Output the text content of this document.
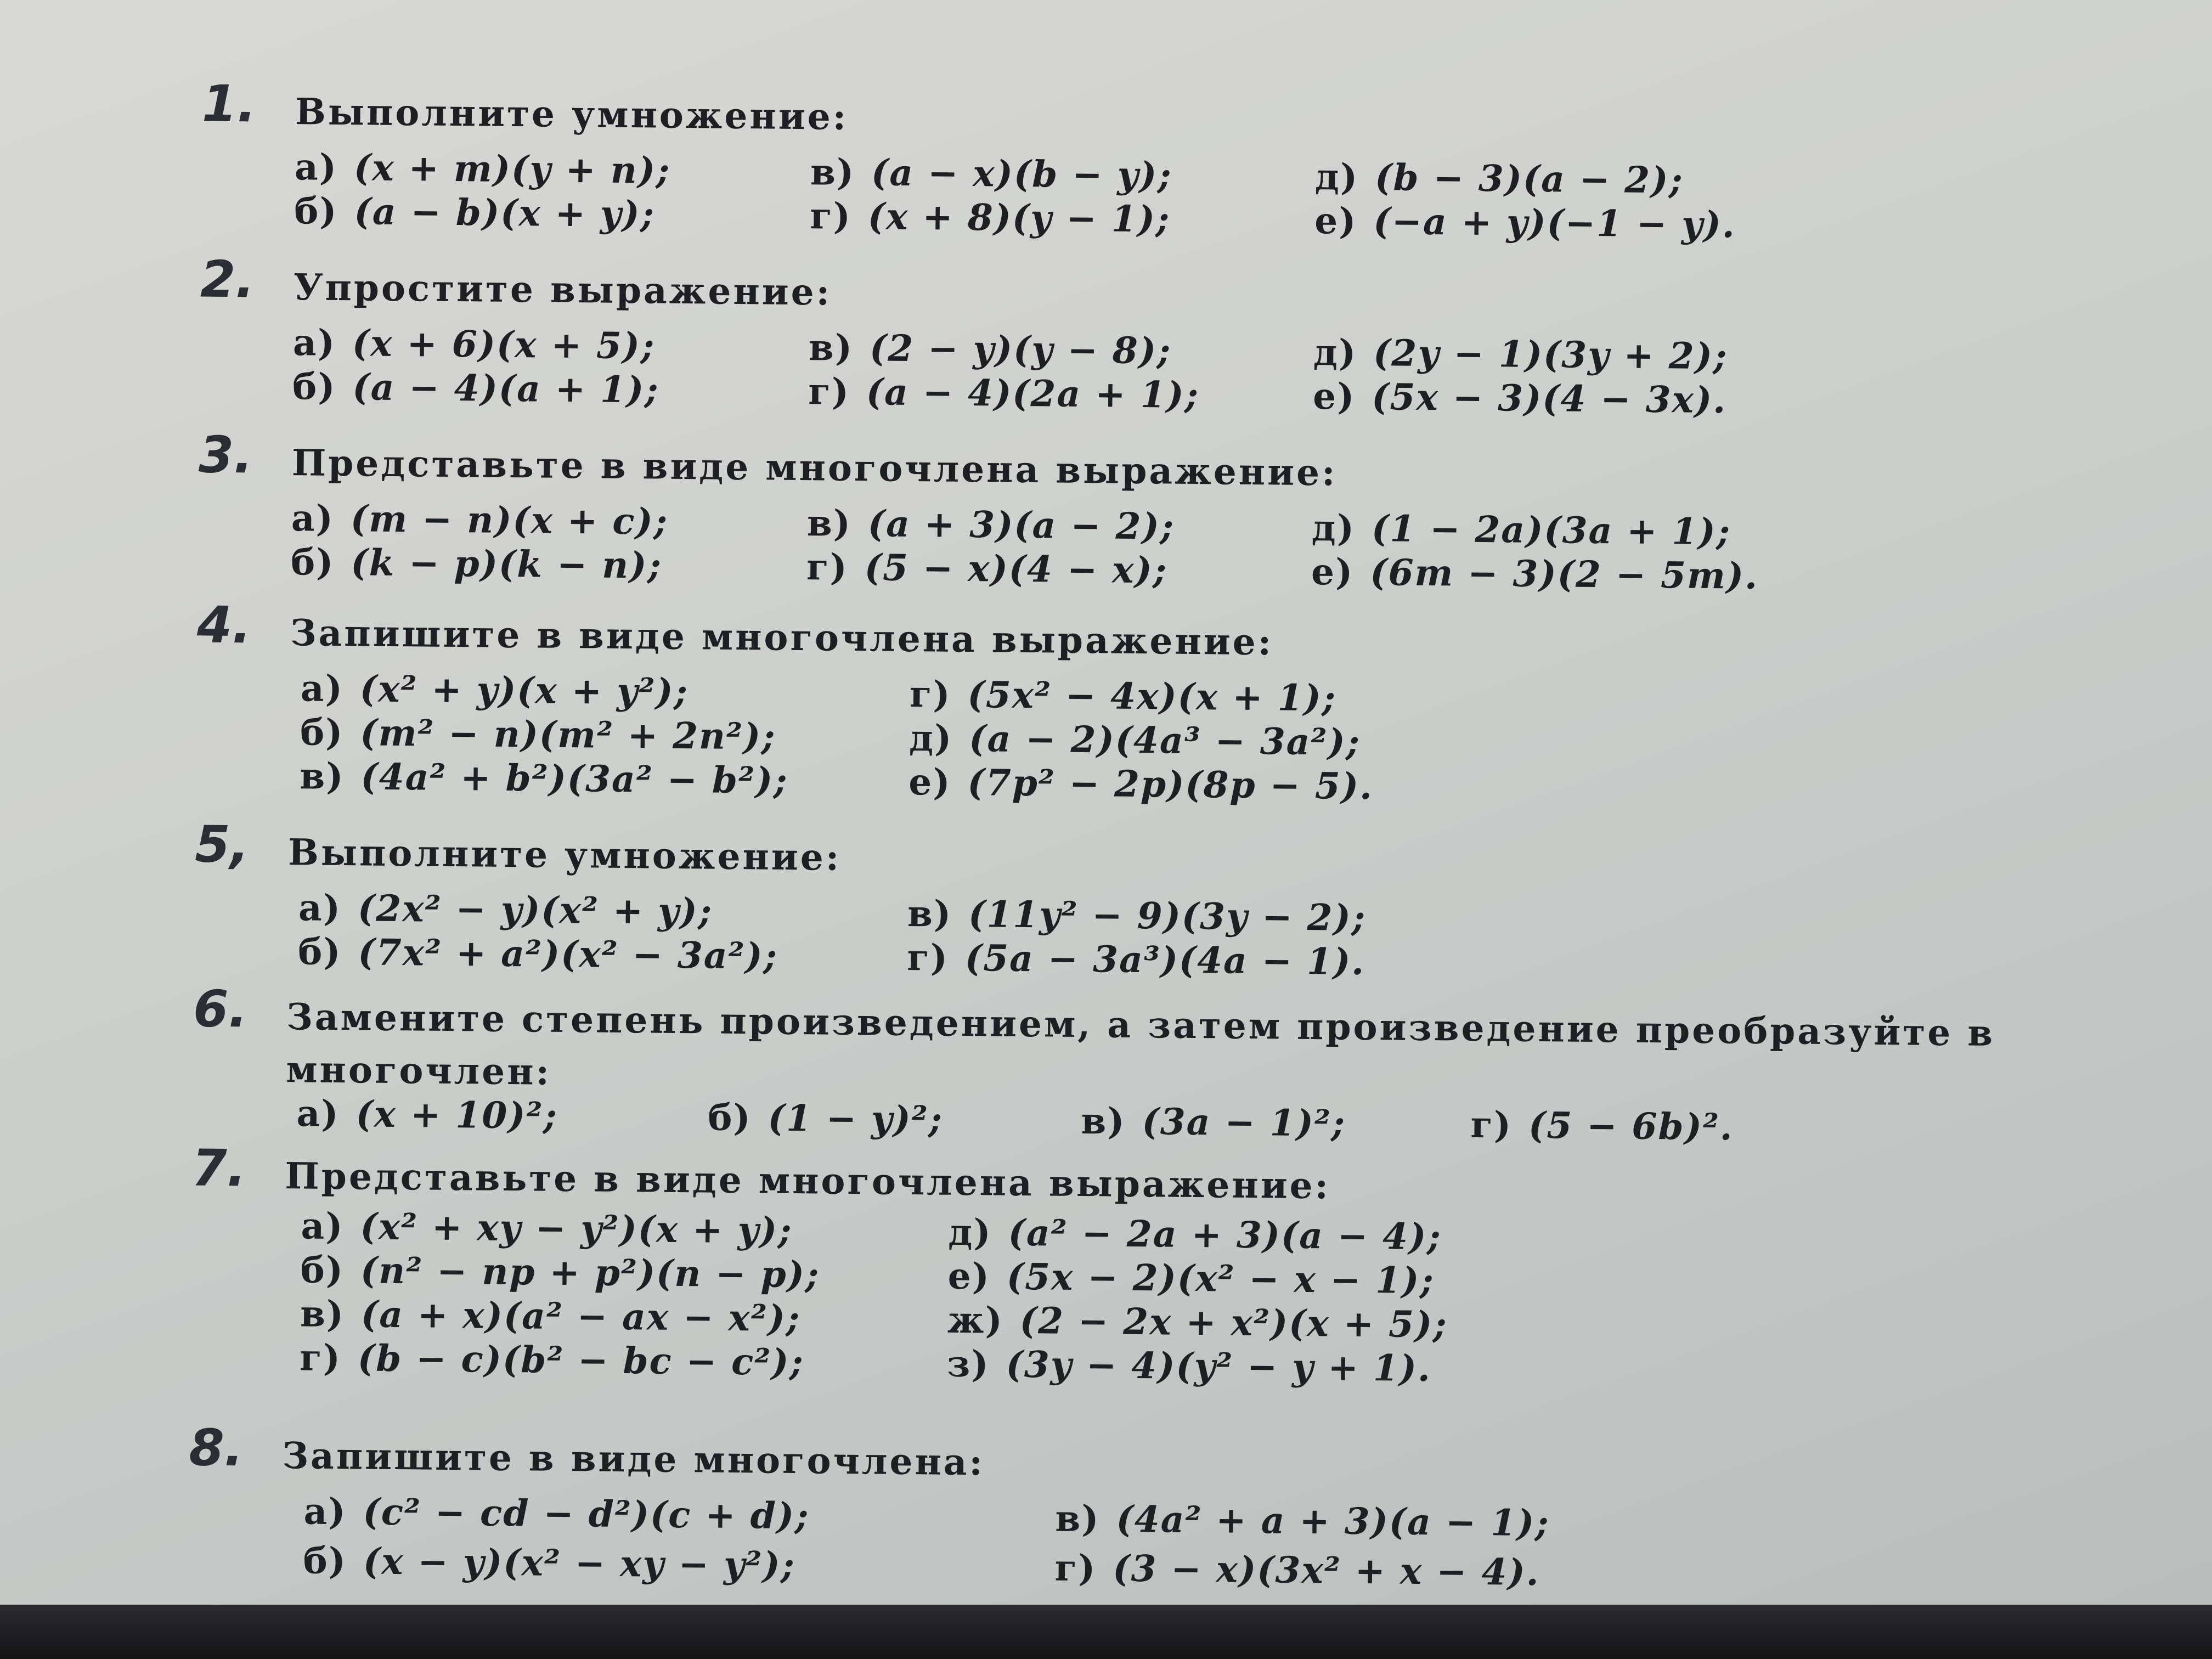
1.	Выполните умножение:
а) (x + m)(y + n);	в) (a − x)(b − y);	д) (b − 3)(a − 2);
б) (a − b)(x + y);	г) (x + 8)(y − 1);	е) (−a + y)(−1 − y).
2.	Упростите выражение:
а) (x + 6)(x + 5);	в) (2 − y)(y − 8);	д) (2y − 1)(3y + 2);
б) (a − 4)(a + 1);	г) (a − 4)(2a + 1);	е) (5x − 3)(4 − 3x).
3.	Представьте в виде многочлена выражение:
а) (m − n)(x + c);	в) (a + 3)(a − 2);	д) (1 − 2a)(3a + 1);
б) (k − p)(k − n);	г) (5 − x)(4 − x);	е) (6m − 3)(2 − 5m).
4.	Запишите в виде многочлена выражение:
а) (x² + y)(x + y²);	г) (5x² − 4x)(x + 1);
б) (m² − n)(m² + 2n²);	д) (a − 2)(4a³ − 3a²);
в) (4a² + b²)(3a² − b²);	е) (7p² − 2p)(8p − 5).
5,	Выполните умножение:
а) (2x² − y)(x² + y);	в) (11y² − 9)(3y − 2);
б) (7x² + a²)(x² − 3a²);	г) (5a − 3a³)(4a − 1).
6.	Замените степень произведением, а затем произведение преобразуйте в многочлен:
а) (x + 10)²;	б) (1 − y)²;	в) (3a − 1)²;	г) (5 − 6b)².
7.	Представьте в виде многочлена выражение:
а) (x² + xy − y²)(x + y);	д) (a² − 2a + 3)(a − 4);
б) (n² − np + p²)(n − p);	е) (5x − 2)(x² − x − 1);
в) (a + x)(a² − ax − x²);	ж) (2 − 2x + x²)(x + 5);
г) (b − c)(b² − bc − c²);	з) (3y − 4)(y² − y + 1).
8.	Запишите в виде многочлена:
а) (c² − cd − d²)(c + d);	в) (4a² + a + 3)(a − 1);
б) (x − y)(x² − xy − y²);	г) (3 − x)(3x² + x − 4).
